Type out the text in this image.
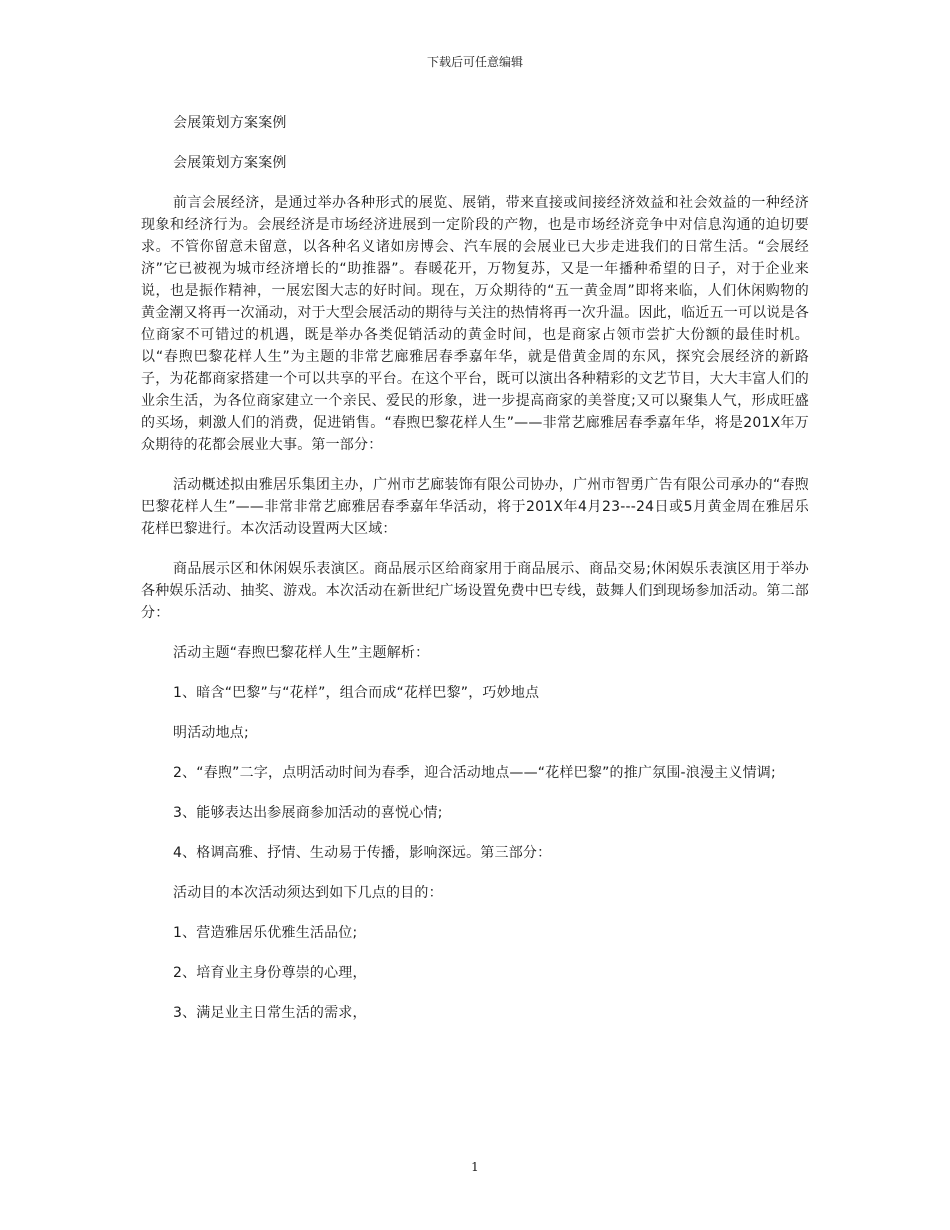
下载后可任意编辑

会展策划方案案例

会展策划方案案例

前言会展经济，是通过举办各种形式的展览、展销，带来直接或间接经济效益和社会效益的一种经济现象和经济行为。会展经济是市场经济进展到一定阶段的产物，也是市场经济竞争中对信息沟通的迫切要求。不管你留意未留意，以各种名义诸如房博会、汽车展的会展业已大步走进我们的日常生活。“会展经济”它已被视为城市经济增长的“助推器”。春暖花开，万物复苏，又是一年播种希望的日子，对于企业来说，也是振作精神，一展宏图大志的好时间。现在，万众期待的“五一黄金周”即将来临，人们休闲购物的黄金潮又将再一次涌动，对于大型会展活动的期待与关注的热情将再一次升温。因此，临近五一可以说是各位商家不可错过的机遇，既是举办各类促销活动的黄金时间，也是商家占领市尝扩大份额的最佳时机。以“春煦巴黎花样人生”为主题的非常艺廊雅居春季嘉年华，就是借黄金周的东风，探究会展经济的新路子，为花都商家搭建一个可以共享的平台。在这个平台，既可以演出各种精彩的文艺节目，大大丰富人们的业余生活，为各位商家建立一个亲民、爱民的形象，进一步提高商家的美誉度;又可以聚集人气，形成旺盛的买场，刺激人们的消费，促进销售。“春煦巴黎花样人生”——非常艺廊雅居春季嘉年华，将是201X年万众期待的花都会展业大事。第一部分：

活动概述拟由雅居乐集团主办，广州市艺廊装饰有限公司协办，广州市智勇广告有限公司承办的“春煦巴黎花样人生”——非常非常艺廊雅居春季嘉年华活动，将于201X年4月23---24日或5月黄金周在雅居乐花样巴黎进行。本次活动设置两大区域：

商品展示区和休闲娱乐表演区。商品展示区给商家用于商品展示、商品交易;休闲娱乐表演区用于举办各种娱乐活动、抽奖、游戏。本次活动在新世纪广场设置免费中巴专线，鼓舞人们到现场参加活动。第二部分：

活动主题“春煦巴黎花样人生”主题解析：

1、暗含“巴黎”与“花样”，组合而成“花样巴黎”，巧妙地点

明活动地点;

2、“春煦”二字，点明活动时间为春季，迎合活动地点——“花样巴黎”的推广氛围-浪漫主义情调;

3、能够表达出参展商参加活动的喜悦心情;

4、格调高雅、抒情、生动易于传播，影响深远。第三部分：

活动目的本次活动须达到如下几点的目的：

1、营造雅居乐优雅生活品位;

2、培育业主身份尊崇的心理，

3、满足业主日常生活的需求，

1
